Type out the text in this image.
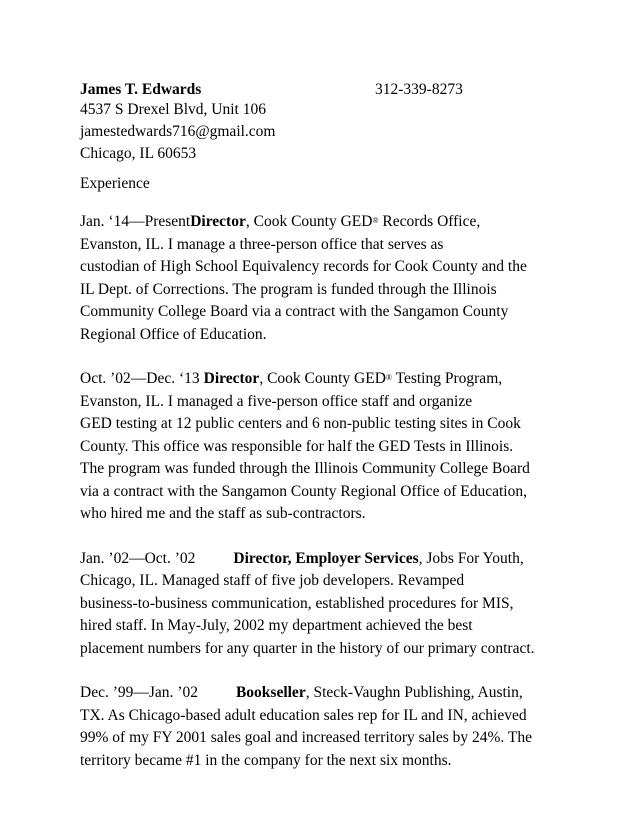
James T. Edwards	312-339-8273
4537 S Drexel Blvd, Unit 106
jamestedwards716@gmail.com
Chicago, IL 60653
Experience
Jan. ‘14—PresentDirector, Cook County GED® Records Office,
Evanston, IL. I manage a three-person office that serves as
custodian of High School Equivalency records for Cook County and the
IL Dept. of Corrections. The program is funded through the Illinois
Community College Board via a contract with the Sangamon County
Regional Office of Education.
Oct. ’02—Dec. ‘13 Director, Cook County GED® Testing Program,
Evanston, IL. I managed a five-person office staff and organize
GED testing at 12 public centers and 6 non-public testing sites in Cook
County. This office was responsible for half the GED Tests in Illinois.
The program was funded through the Illinois Community College Board
via a contract with the Sangamon County Regional Office of Education,
who hired me and the staff as sub-contractors.
Jan. ’02—Oct. ’02 Director, Employer Services, Jobs For Youth,
Chicago, IL. Managed staff of five job developers. Revamped
business-to-business communication, established procedures for MIS,
hired staff. In May-July, 2002 my department achieved the best
placement numbers for any quarter in the history of our primary contract.
Dec. ’99—Jan. ’02 Bookseller, Steck-Vaughn Publishing, Austin,
TX. As Chicago-based adult education sales rep for IL and IN, achieved
99% of my FY 2001 sales goal and increased territory sales by 24%. The
territory became #1 in the company for the next six months.
